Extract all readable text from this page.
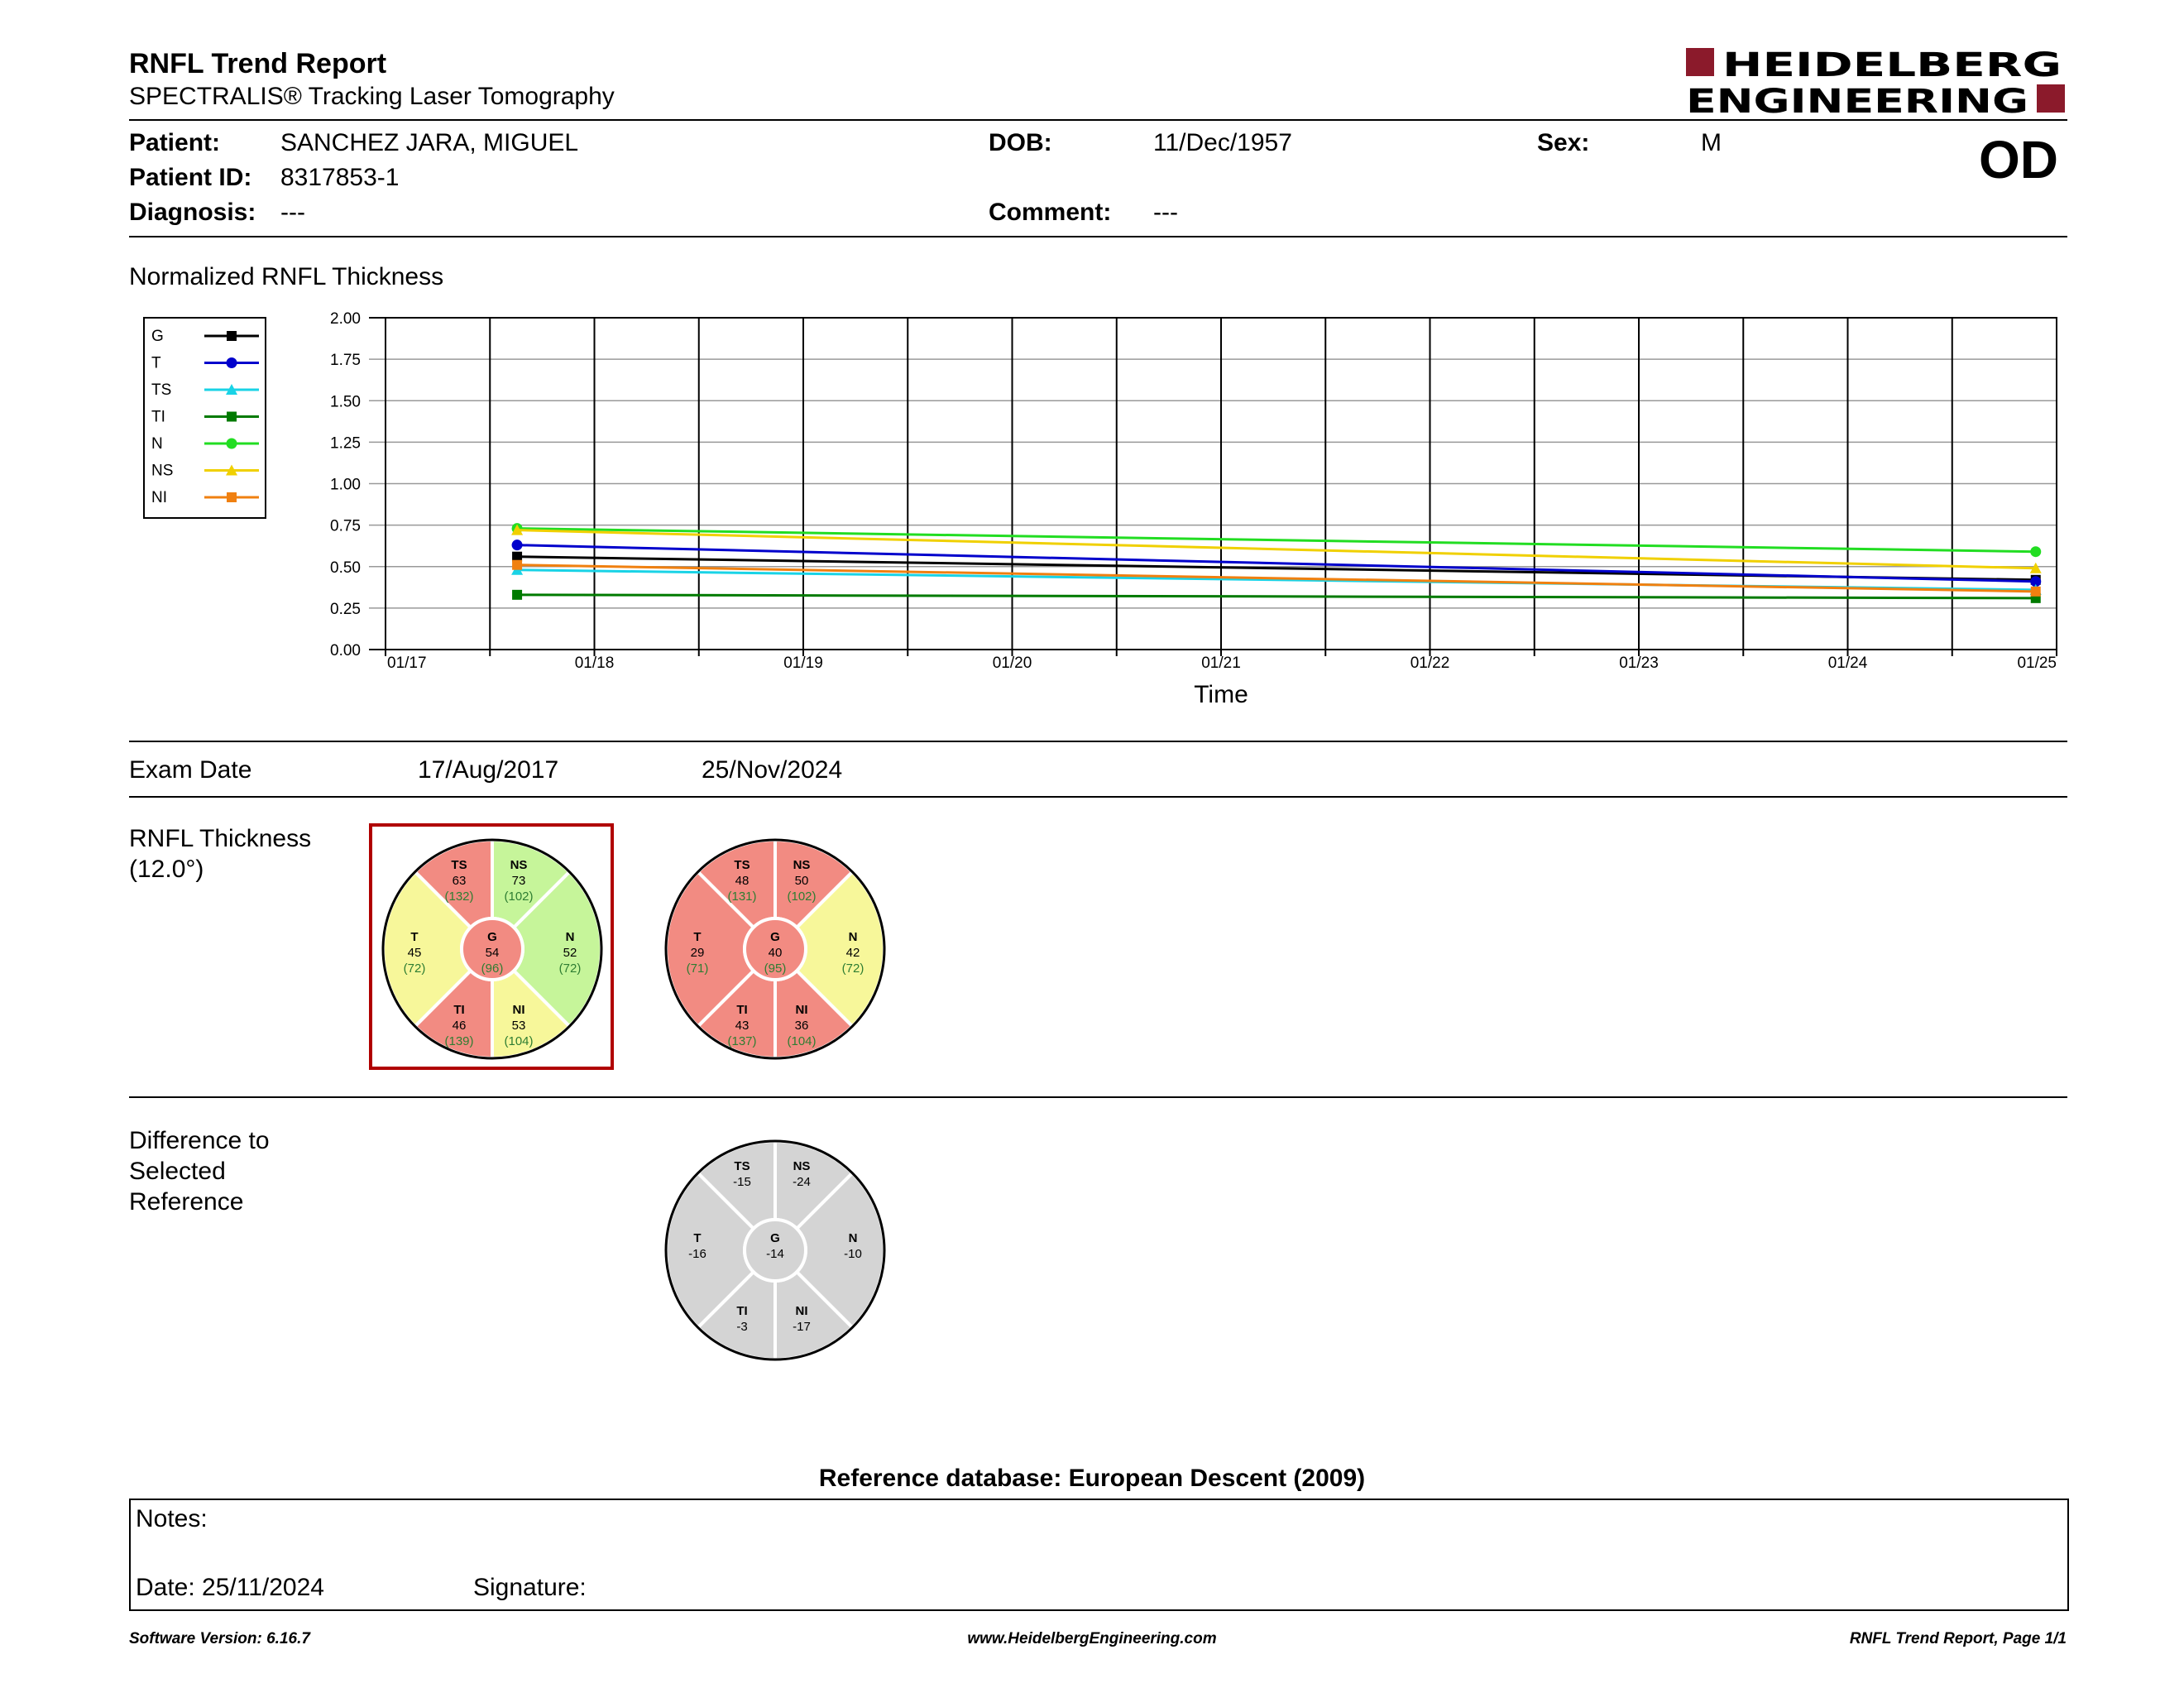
RNFL Trend Report
SPECTRALIS® Tracking Laser Tomography
HEIDELBERG
ENGINEERING
Patient: SANCHEZ JARA, MIGUEL
Patient ID: 8317853-1
Diagnosis: ---
DOB:	11/Dec/1957
Comment: ---
Sex:	M	OD
Normalized RNFL Thickness
G
T
TS
TI
N
NS
NI
2.00
1.75
1.50
1.25
1.00
0.75
0.50
0.25
0.00
01/17	01/18	01/19	01/20	01/21	01/22	01/23	01/24	01/25
Time
Exam Date	17/Aug/2017	25/Nov/2024
RNFL Thickness
(12.0°)	TS
63
(132)
NS
73
(102)
T
45
(72)
G
54
(96)
N
52
(72)
TI
46
(139)
NI
53
(104)
TS
48
(131)
NS
50
(102)
T
29
(71)
G
40
(95)
N
42
(72)
TI
43
(137)
NI
36
(104)
Difference to
Selected
Reference
TS
-15
NS
-24
T
-16
G
-14
N
-10
TI
-3
NI
-17
Reference database: European Descent (2009)
Notes:
Date: 25/11/2024	Signature:
Software Version: 6.16.7	www.HeidelbergEngineering.com	RNFL Trend Report, Page 1/1
